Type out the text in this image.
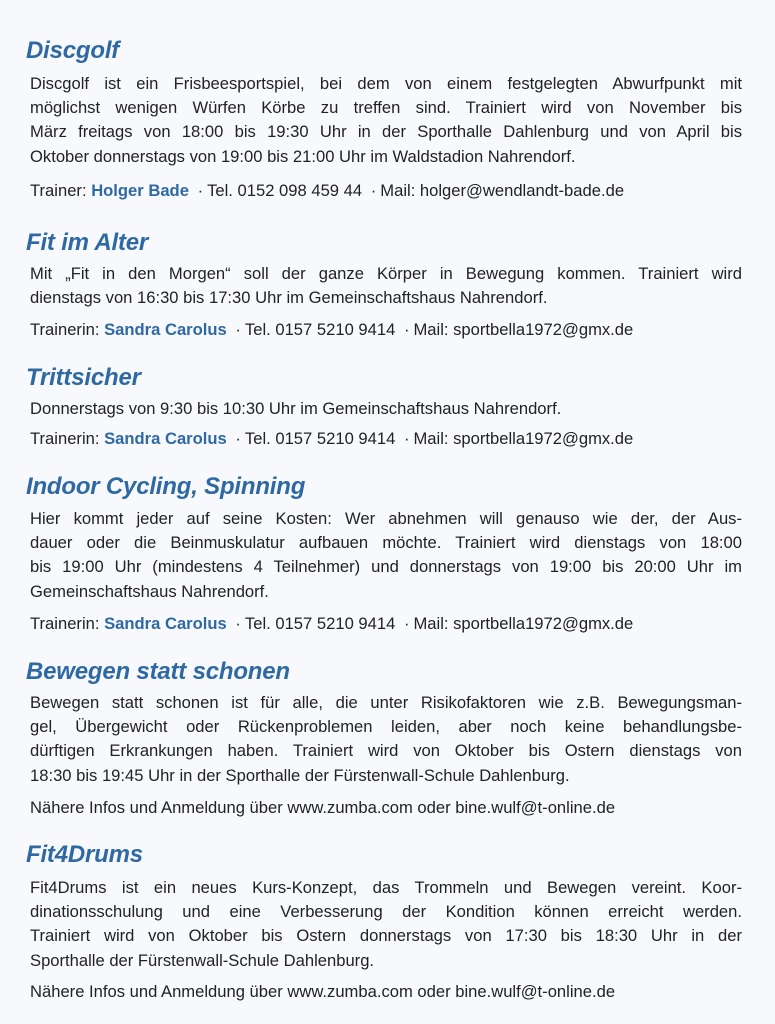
Discgolf

Discgolf ist ein Frisbeesportspiel, bei dem von einem festgelegten Abwurfpunkt mit
möglichst wenigen Würfen Körbe zu treffen sind. Trainiert wird von November bis
März freitags von 18:00 bis 19:30 Uhr in der Sporthalle Dahlenburg und von April bis
Oktober donnerstags von 19:00 bis 21:00 Uhr im Waldstadion Nahrendorf.

Trainer: Holger Bade · Tel. 0152 098 459 44 · Mail: holger@wendlandt-bade.de

Fit im Alter

Mit „Fit in den Morgen“ soll der ganze Körper in Bewegung kommen. Trainiert wird
dienstags von 16:30 bis 17:30 Uhr im Gemeinschaftshaus Nahrendorf.

Trainerin: Sandra Carolus · Tel. 0157 5210 9414 · Mail: sportbella1972@gmx.de

Trittsicher

Donnerstags von 9:30 bis 10:30 Uhr im Gemeinschaftshaus Nahrendorf.

Trainerin: Sandra Carolus · Tel. 0157 5210 9414 · Mail: sportbella1972@gmx.de

Indoor Cycling, Spinning

Hier kommt jeder auf seine Kosten: Wer abnehmen will genauso wie der, der Aus-
dauer oder die Beinmuskulatur aufbauen möchte. Trainiert wird dienstags von 18:00
bis 19:00 Uhr (mindestens 4 Teilnehmer) und donnerstags von 19:00 bis 20:00 Uhr im
Gemeinschaftshaus Nahrendorf.

Trainerin: Sandra Carolus · Tel. 0157 5210 9414 · Mail: sportbella1972@gmx.de

Bewegen statt schonen

Bewegen statt schonen ist für alle, die unter Risikofaktoren wie z.B. Bewegungsman-
gel, Übergewicht oder Rückenproblemen leiden, aber noch keine behandlungsbe-
dürftigen Erkrankungen haben. Trainiert wird von Oktober bis Ostern dienstags von
18:30 bis 19:45 Uhr in der Sporthalle der Fürstenwall-Schule Dahlenburg.

Nähere Infos und Anmeldung über www.zumba.com oder bine.wulf@t-online.de

Fit4Drums

Fit4Drums ist ein neues Kurs-Konzept, das Trommeln und Bewegen vereint. Koor-
dinationsschulung und eine Verbesserung der Kondition können erreicht werden.
Trainiert wird von Oktober bis Ostern donnerstags von 17:30 bis 18:30 Uhr in der
Sporthalle der Fürstenwall-Schule Dahlenburg.

Nähere Infos und Anmeldung über www.zumba.com oder bine.wulf@t-online.de
